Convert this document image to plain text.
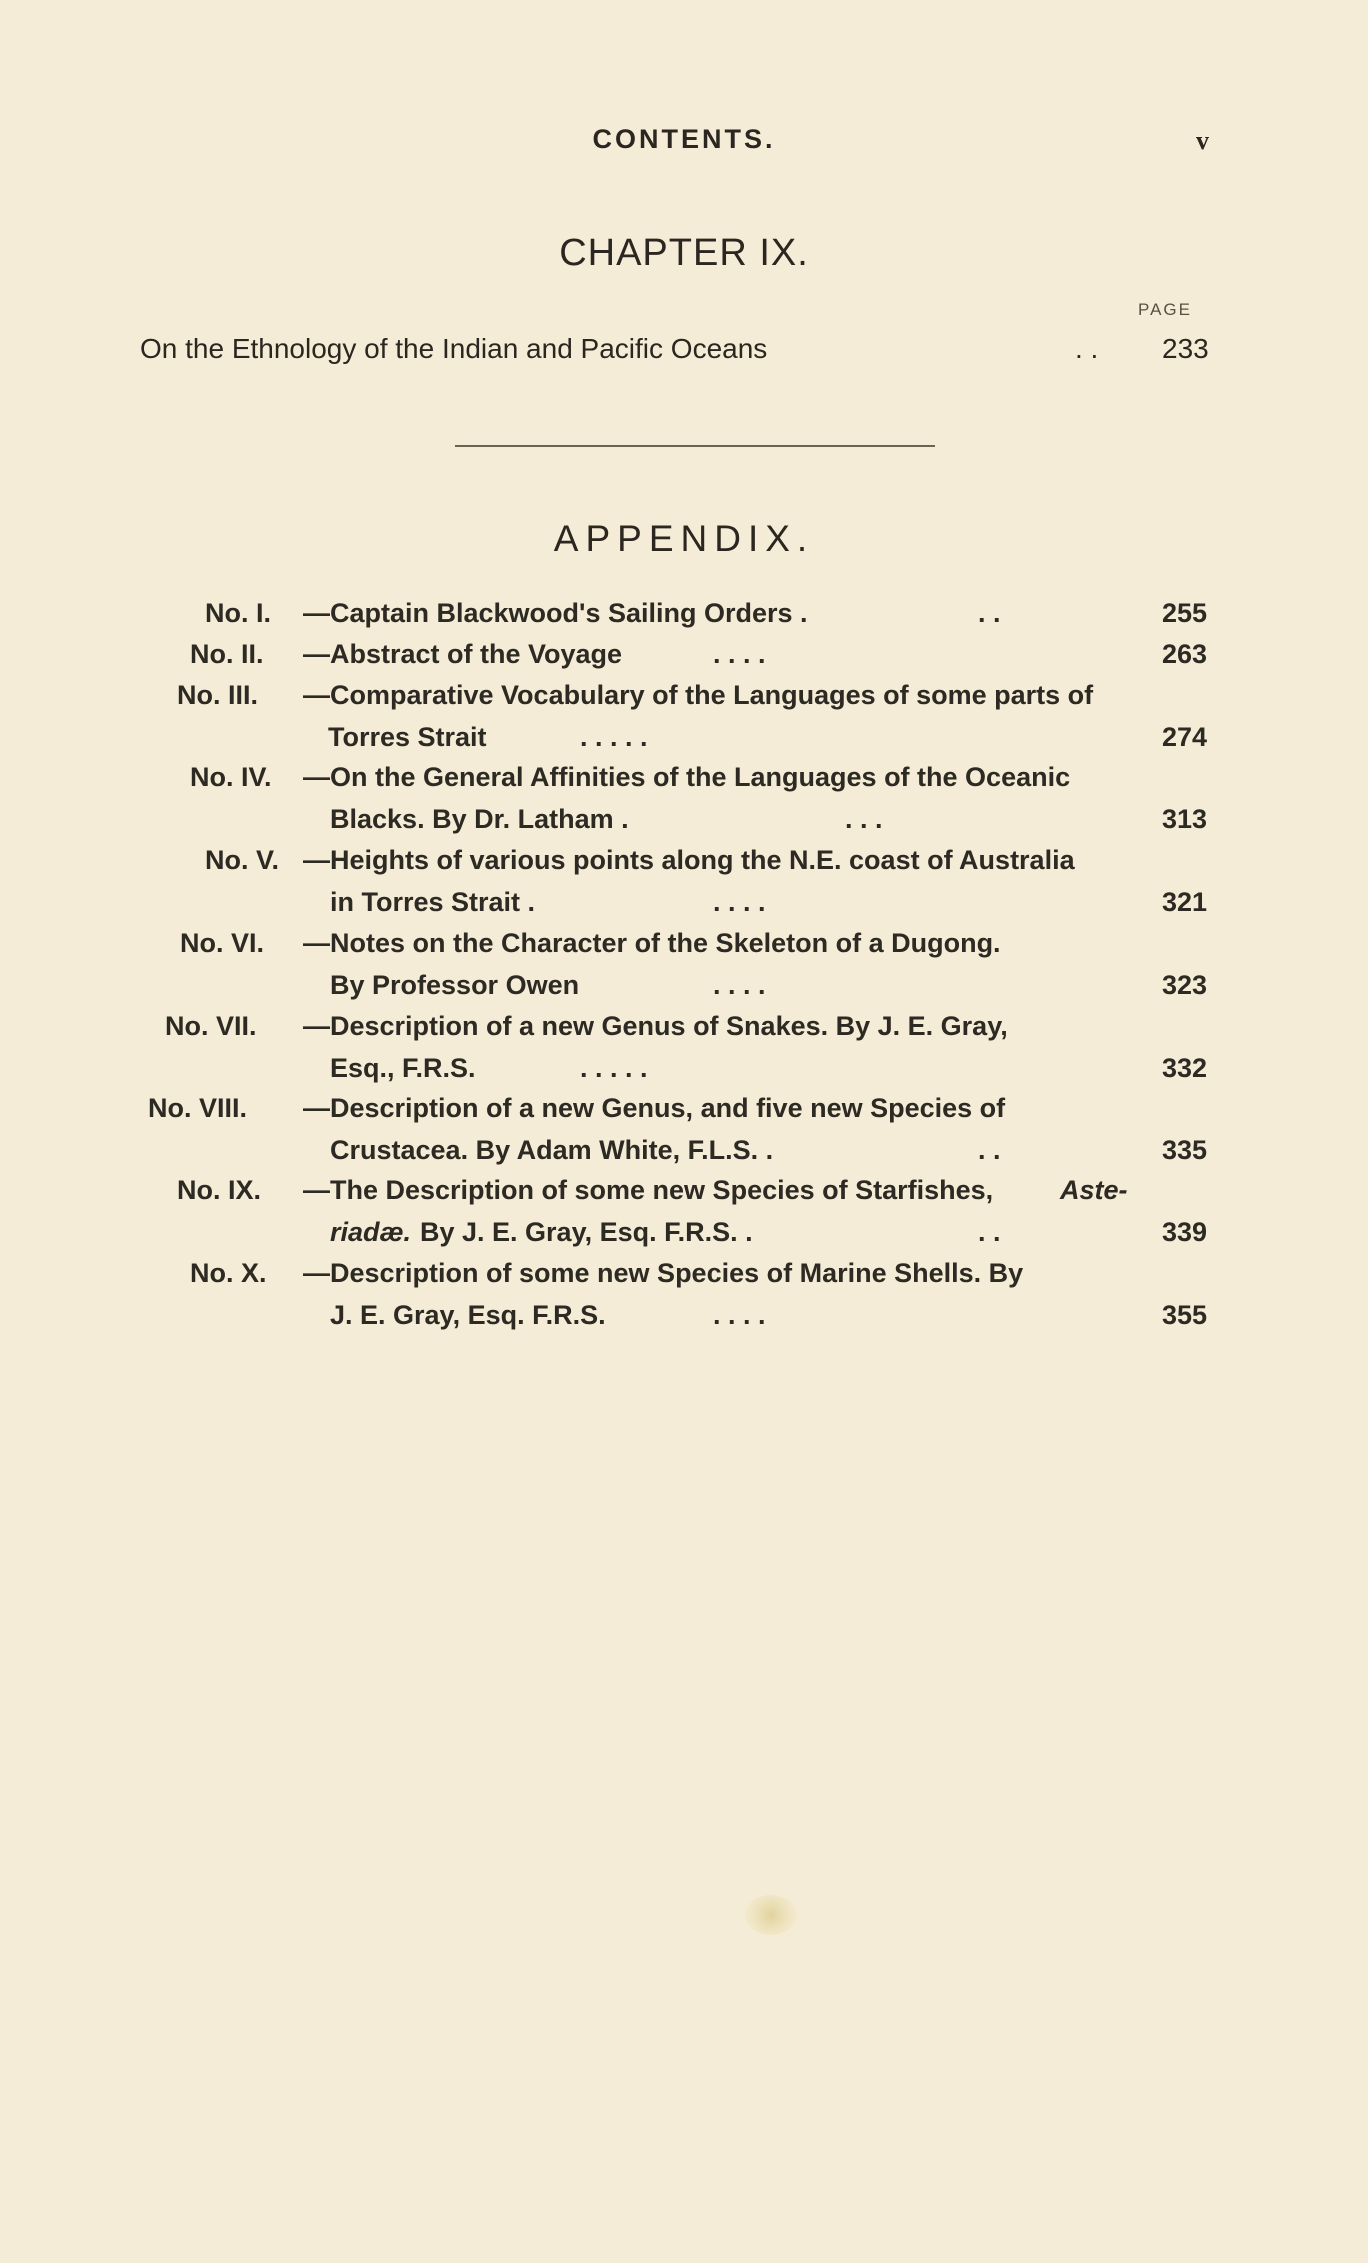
CONTENTS.	v
CHAPTER IX.
PAGE
On the Ethnology of the Indian and Pacific Oceans	. . 233
APPENDIX.
No. I. —Captain Blackwood's Sailing Orders .	. .	255
No. II. —Abstract of the Voyage	. . . .	263
No. III. —Comparative Vocabulary of the Languages of some parts of
Torres Strait	. . . . .	274
No. IV. —On the General Affinities of the Languages of the Oceanic
Blacks. By Dr. Latham .	. . .	313
No. V. —Heights of various points along the N.E. coast of Australia
in Torres Strait .	. . . .	321
No. VI. —Notes on the Character of the Skeleton of a Dugong.
By Professor Owen	. . . .	323
No. VII. —Description of a new Genus of Snakes. By J. E. Gray,
Esq., F.R.S.	. . . . .	332
No. VIII. —Description of a new Genus, and five new Species of
Crustacea. By Adam White, F.L.S. .	. .	335
No. IX. —The Description of some new Species of Starfishes, Aste-
riadæ. By J. E. Gray, Esq. F.R.S. .	. .	339
No. X. —Description of some new Species of Marine Shells. By
J. E. Gray, Esq. F.R.S.	. . . .	355
